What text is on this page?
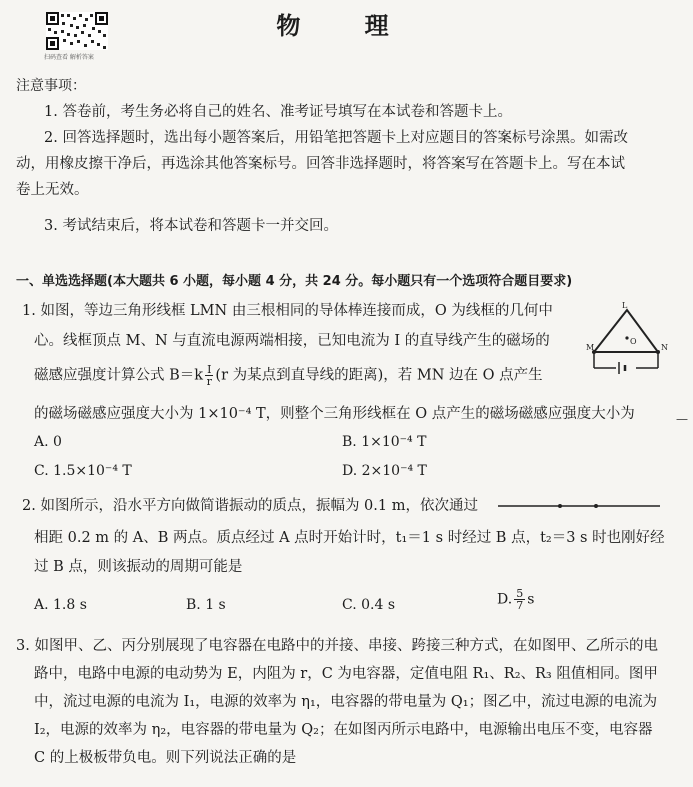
物 理
扫码查看 解析答案
注意事项：
1. 答卷前，考生务必将自己的姓名、准考证号填写在本试卷和答题卡上。
2. 回答选择题时，选出每小题答案后，用铅笔把答题卡上对应题目的答案标号涂黑。如需改
动，用橡皮擦干净后，再选涂其他答案标号。回答非选择题时，将答案写在答题卡上。写在本试
卷上无效。
3. 考试结束后，将本试卷和答题卡一并交回。
一、单选选择题(本大题共 6 小题，每小题 4 分，共 24 分。每小题只有一个选项符合题目要求)
1. 如图，等边三角形线框 LMN 由三根相同的导体棒连接而成，O 为线框的几何中
心。线框顶点 M、N 与直流电源两端相接，已知电流为 I 的直导线产生的磁场的
磁感应强度计算公式 $B=k \frac{I}{r} (r$ 为某点到直导线的距离)，若 MN 边在 O 点产生
的磁场磁感应强度大小为 1×10⁻⁴ T，则整个三角形线框在 O 点产生的磁场磁感应强度大小为	—
L
M
O
N
A. 0	B. 1×10⁻⁴ T
C. 1.5×10⁻⁴ T	D. 2×10⁻⁴ T
2. 如图所示，沿水平方向做简谐振动的质点，振幅为 0.1 m，依次通过
相距 0.2 m 的 A、B 两点。质点经过 A 点时开始计时，t₁＝1 s 时经过 B 点，t₂＝3 s 时也刚好经
过 B 点，则该振动的周期可能是
A. 1.8 s	B. 1 s	C. 0.4 s	D. $\frac{5}{7}$ s
3. 如图甲、乙、丙分别展现了电容器在电路中的并接、串接、跨接三种方式，在如图甲、乙所示的电
路中，电路中电源的电动势为 E，内阻为 r，C 为电容器，定值电阻 R₁、R₂、R₃ 阻值相同。图甲
中，流过电源的电流为 I₁，电源的效率为 η₁，电容器的带电量为 Q₁；图乙中，流过电源的电流为
I₂，电源的效率为 η₂，电容器的带电量为 Q₂；在如图丙所示电路中，电源输出电压不变，电容器
C 的上极板带负电。则下列说法正确的是
